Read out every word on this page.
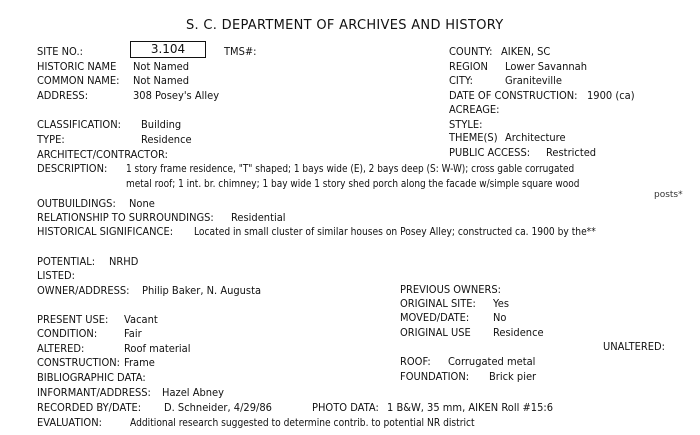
S. C. DEPARTMENT OF ARCHIVES AND HISTORY
SITE NO.:	3.104	TMS#:	COUNTY: AIKEN, SC
HISTORIC NAME Not Named	REGION Lower Savannah
COMMON NAME: Not Named	CITY:	Graniteville
ADDRESS:	308 Posey's Alley	DATE OF CONSTRUCTION: 1900 (ca)
ACREAGE:
CLASSIFICATION: Building	STYLE:
TYPE:	Residence	THEME(S) Architecture
ARCHITECT/CONTRACTOR:	PUBLIC ACCESS: Restricted
DESCRIPTION: 1 story frame residence, "T" shaped; 1 bays wide (E), 2 bays deep (S: W-W); cross gable corrugated
metal roof; 1 int. br. chimney; 1 bay wide 1 story shed porch along the facade w/simple square wood
posts*
OUTBUILDINGS: None
RELATIONSHIP TO SURROUNDINGS: Residential
HISTORICAL SIGNIFICANCE: Located in small cluster of similar houses on Posey Alley; constructed ca. 1900 by the**
POTENTIAL: NRHD
LISTED:
OWNER/ADDRESS: Philip Baker, N. Augusta	PREVIOUS OWNERS:
ORIGINAL SITE: Yes
PRESENT USE: Vacant	MOVED/DATE: No
CONDITION: Fair	ORIGINAL USE Residence
ALTERED:	Roof material	UNALTERED:
CONSTRUCTION: Frame	ROOF: Corrugated metal
BIBLIOGRAPHIC DATA:	FOUNDATION: Brick pier
INFORMANT/ADDRESS: Hazel Abney
RECORDED BY/DATE: D. Schneider, 4/29/86	PHOTO DATA: 1 B&W, 35 mm, AIKEN Roll #15:6
EVALUATION:	Additional research suggested to determine contrib. to potential NR district
